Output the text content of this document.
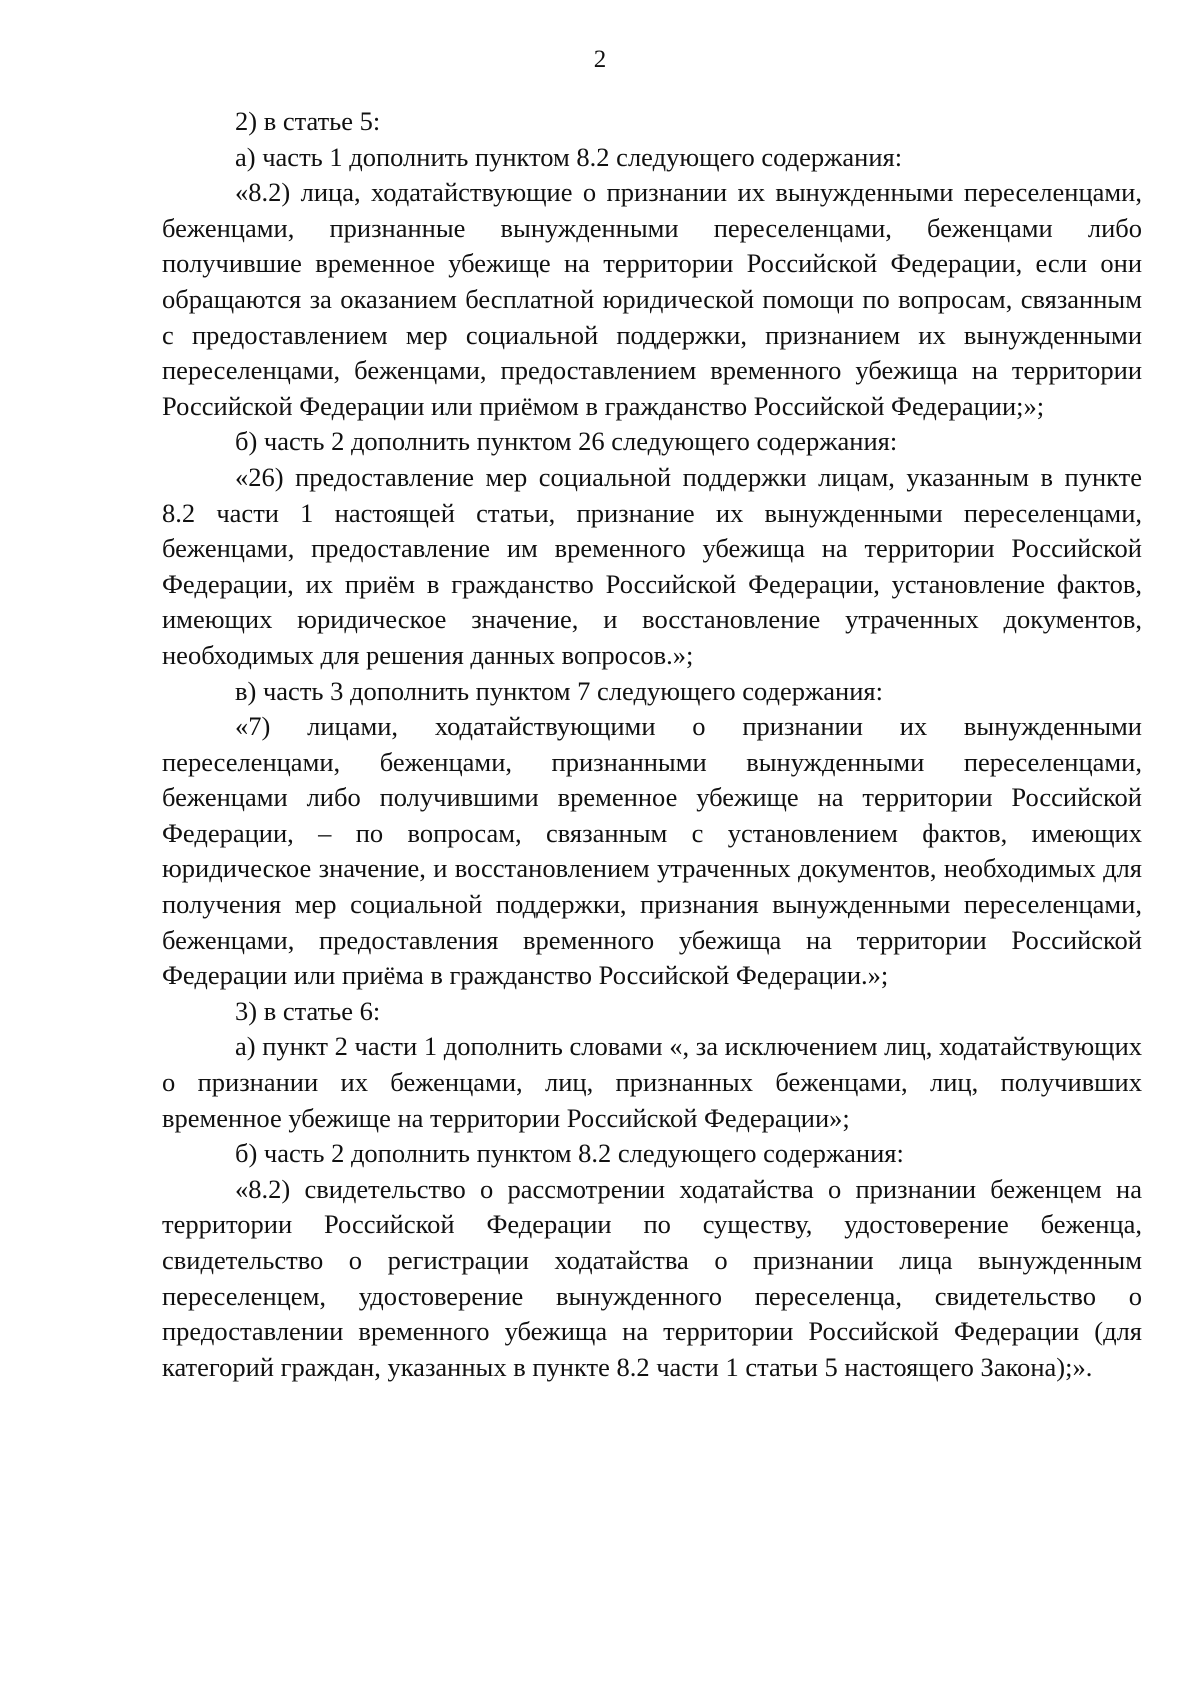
2

2) в статье 5:

а) часть 1 дополнить пунктом 8.2 следующего содержания:

«8.2) лица, ходатайствующие о признании их вынужденными переселенцами, беженцами, признанные вынужденными переселенцами, беженцами либо получившие временное убежище на территории Российской Федерации, если они обращаются за оказанием бесплатной юридической помощи по вопросам, связанным с предоставлением мер социальной поддержки, признанием их вынужденными переселенцами, беженцами, предоставлением временного убежища на территории Российской Федерации или приёмом в гражданство Российской Федерации;»;

б) часть 2 дополнить пунктом 26 следующего содержания:

«26) предоставление мер социальной поддержки лицам, указанным в пункте 8.2 части 1 настоящей статьи, признание их вынужденными переселенцами, беженцами, предоставление им временного убежища на территории Российской Федерации, их приём в гражданство Российской Федерации, установление фактов, имеющих юридическое значение, и восстановление утраченных документов, необходимых для решения данных вопросов.»;

в) часть 3 дополнить пунктом 7 следующего содержания:

«7) лицами, ходатайствующими о признании их вынужденными переселенцами, беженцами, признанными вынужденными переселенцами, беженцами либо получившими временное убежище на территории Российской Федерации, – по вопросам, связанным с установлением фактов, имеющих юридическое значение, и восстановлением утраченных документов, необходимых для получения мер социальной поддержки, признания вынужденными переселенцами, беженцами, предоставления временного убежища на территории Российской Федерации или приёма в гражданство Российской Федерации.»;

3) в статье 6:

а) пункт 2 части 1 дополнить словами «, за исключением лиц, ходатайствующих о признании их беженцами, лиц, признанных беженцами, лиц, получивших временное убежище на территории Российской Федерации»;

б) часть 2 дополнить пунктом 8.2 следующего содержания:

«8.2) свидетельство о рассмотрении ходатайства о признании беженцем на территории Российской Федерации по существу, удостоверение беженца, свидетельство о регистрации ходатайства о признании лица вынужденным переселенцем, удостоверение вынужденного переселенца, свидетельство о предоставлении временного убежища на территории Российской Федерации (для категорий граждан, указанных в пункте 8.2 части 1 статьи 5 настоящего Закона);».
